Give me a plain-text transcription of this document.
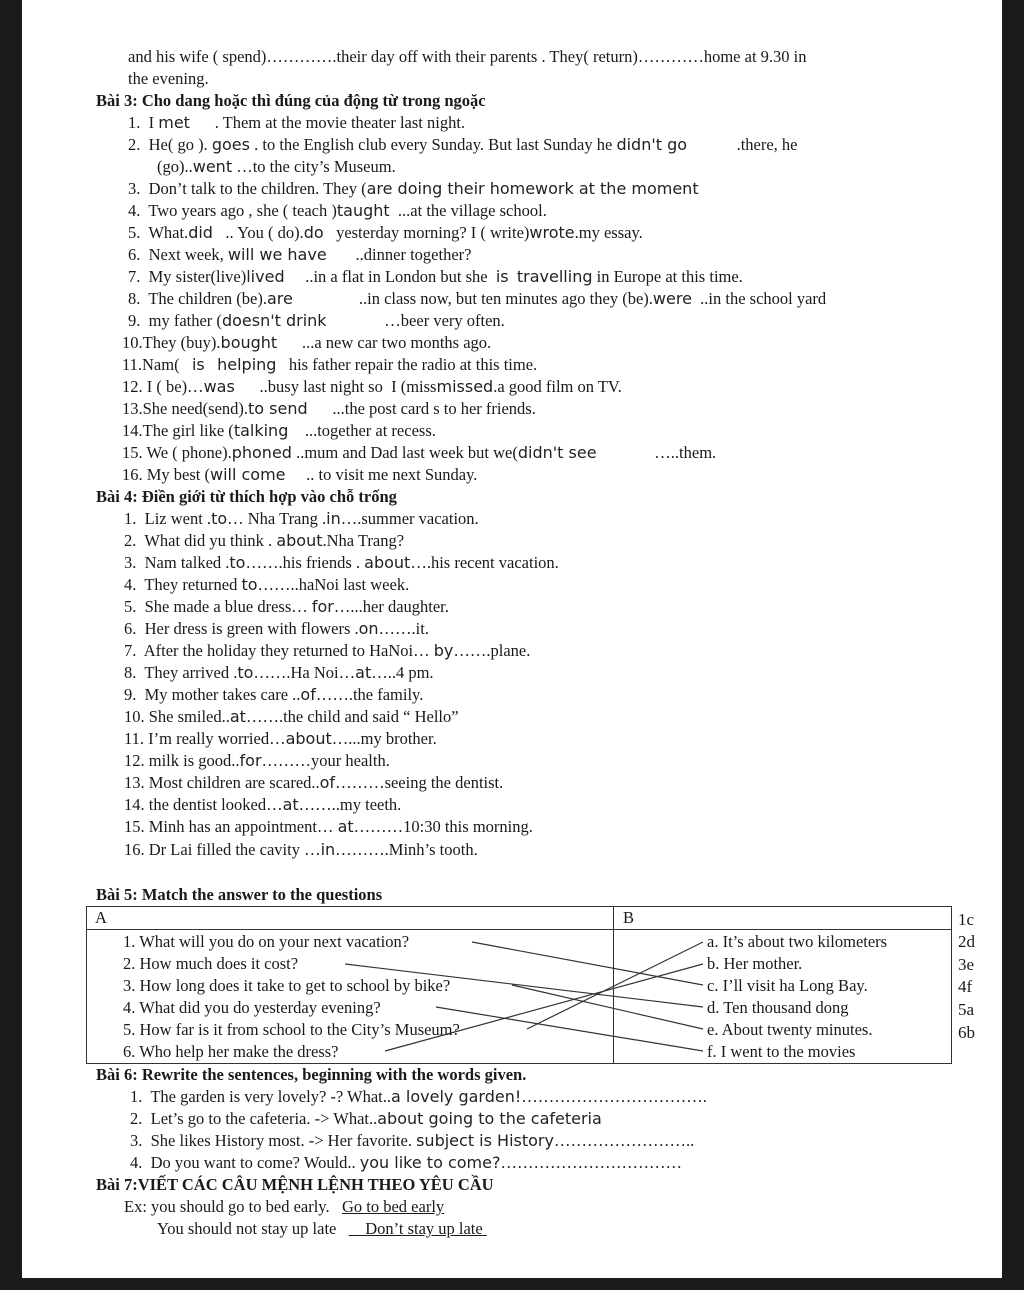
and his wife ( spend)………….their day off with their parents . They( return)…………home at 9.30 in
the evening.
Bài 3: Cho dang hoặc thì đúng của động từ trong ngoặc
1. I met      . Them at the movie theater last night.
2. He( go ). goes . to the English club every Sunday. But last Sunday he didn't go            .there, he
(go)..went …to the city’s Museum.
3. Don’t talk to the children. They (are doing their homework at the moment
4. Two years ago , she ( teach )taught  ...at the village school.
5. What.did   .. You ( do).do   yesterday morning? I ( write)wrote.my essay.
6. Next week, will we have       ..dinner together?
7. My sister(live)lived     ..in a flat in London but she  is travelling in Europe at this time.
8. The children (be).are                ..in class now, but ten minutes ago they (be).were  ..in the school yard
9. my father (doesn't drink              …beer very often.
10.They (buy).bought      ...a new car two months ago.
11.Nam(   is helping   his father repair the radio at this time.
12. I ( be)…was      ..busy last night so  I (missmissed.a good film on TV.
13.She need(send).to send      ...the post card s to her friends.
14.The girl like (talking    ...together at recess.
15. We ( phone).phoned ..mum and Dad last week but we(didn't see              …..them.
16. My best (will come     .. to visit me next Sunday.
Bài 4: Điền giới từ thích hợp vào chỗ trống
1. Liz went .to… Nha Trang .in….summer vacation.
2. What did yu think . about.Nha Trang?
3. Nam talked .to…….his friends . about….his recent vacation.
4. They returned to……..haNoi last week.
5. She made a blue dress… for…...her daughter.
6. Her dress is green with flowers .on…….it.
7. After the holiday they returned to HaNoi… by…….plane.
8. They arrived .to…….Ha Noi…at…..4 pm.
9. My mother takes care ..of…….the family.
10. She smiled..at…….the child and said “ Hello”
11. I’m really worried…about…...my brother.
12. milk is good..for………your health.
13. Most children are scared..of………seeing the dentist.
14. the dentist looked…at……..my teeth.
15. Minh has an appointment… at………10:30 this morning.
16. Dr Lai filled the cavity …in……….Minh’s tooth.
Bài 5: Match the answer to the questions
A	B
1. What will you do on your next vacation?
2. How much does it cost?
3. How long does it take to get to school by bike?
4. What did you do yesterday evening?
5. How far is it from school to the City’s Museum?
6. Who help her make the dress?
a. It’s about two kilometers
b. Her mother.
c. I’ll visit ha Long Bay.
d. Ten thousand dong
e. About twenty minutes.
f. I went to the movies
1c
2d
3e
4f
5a
6b
Bài 6: Rewrite the sentences, beginning with the words given.
1. The garden is very lovely? -? What..a lovely garden!…………………………….
2. Let’s go to the cafeteria. -> What..about going to the cafeteria
3. She likes History most. -> Her favorite. subject is History……………………..
4. Do you want to come? Would.. you like to come?……………………………
Bài 7:VIẾT CÁC CÂU MỆNH LỆNH THEO YÊU CẦU
Ex: you should go to bed early. Go to bed early
You should not stay up late Don’t stay up late
